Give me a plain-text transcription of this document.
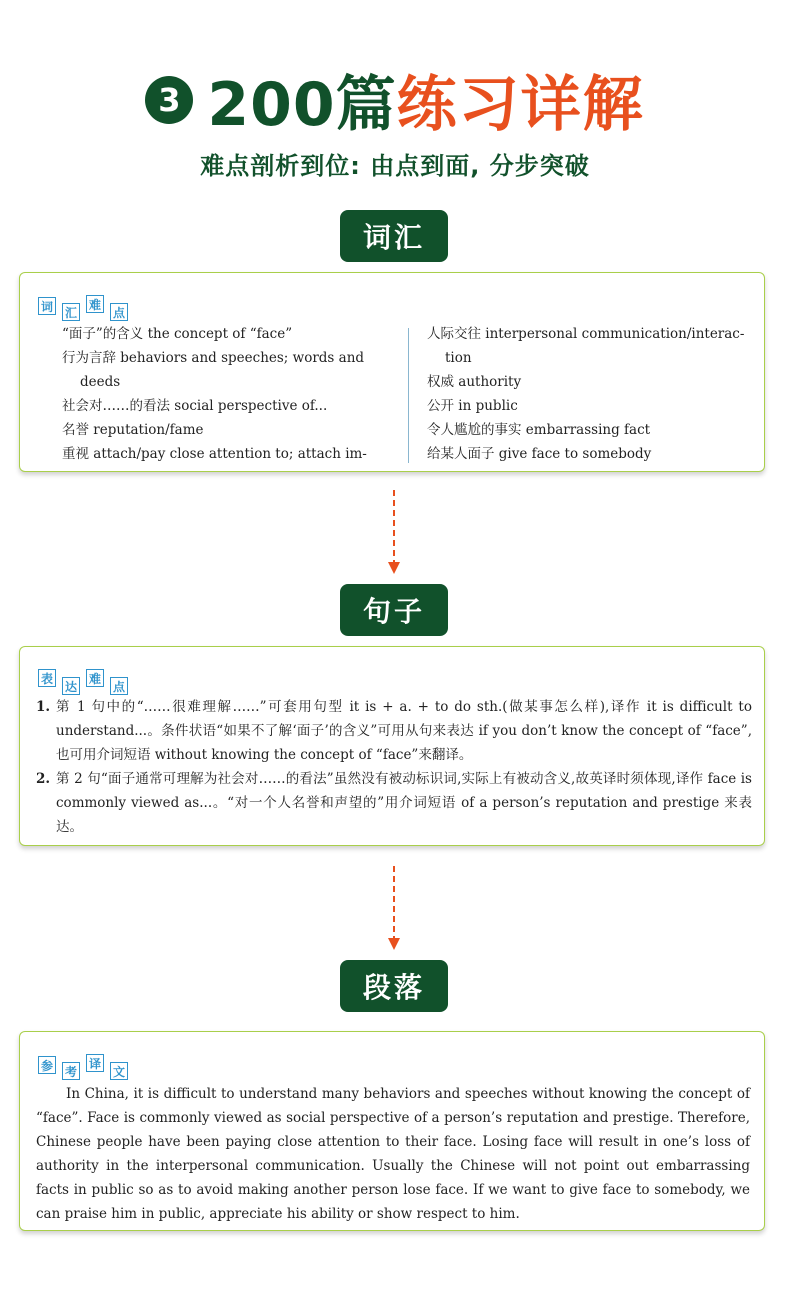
3 200篇 练习详解
难点剖析到位: 由点到面, 分步突破
词汇
词 汇
难
点
“面子”的含义 the concept of “face”
行为言辞 behaviors and speeches; words and
deeds
社会对……的看法 social perspective of...
名誉 reputation/fame
重视 attach/pay close attention to; attach im-
人际交往 interpersonal communication/interac-
tion
权威 authority
公开 in public
令人尴尬的事实 embarrassing fact
给某人面子 give face to somebody
句子
表
达
难
点
1. 第 1 句中的“……很难理解……”可套用句型 it is + a. + to do sth.(做某事怎么样),译作 it is difficult to understand...。条件状语“如果不了解‘面子’的含义”可用从句来表达 if you don’t know the concept of “face”,也可用介词短语 without knowing the concept of “face”来翻译。
2. 第 2 句“面子通常可理解为社会对……的看法”虽然没有被动标识词,实际上有被动含义,故英译时须体现,译作 face is commonly viewed as...。“对一个人名誉和声望的”用介词短语 of a person’s reputation and prestige 来表达。
段落
参 考
译
文
In China, it is difficult to understand many behaviors and speeches without knowing the concept of “face”. Face is commonly viewed as social perspective of a person’s reputation and prestige. Therefore, Chinese people have been paying close attention to their face. Losing face will result in one’s loss of authority in the interpersonal communication. Usually the Chinese will not point out embarrassing facts in public so as to avoid making another person lose face. If we want to give face to somebody, we can praise him in public, appreciate his ability or show respect to him.
